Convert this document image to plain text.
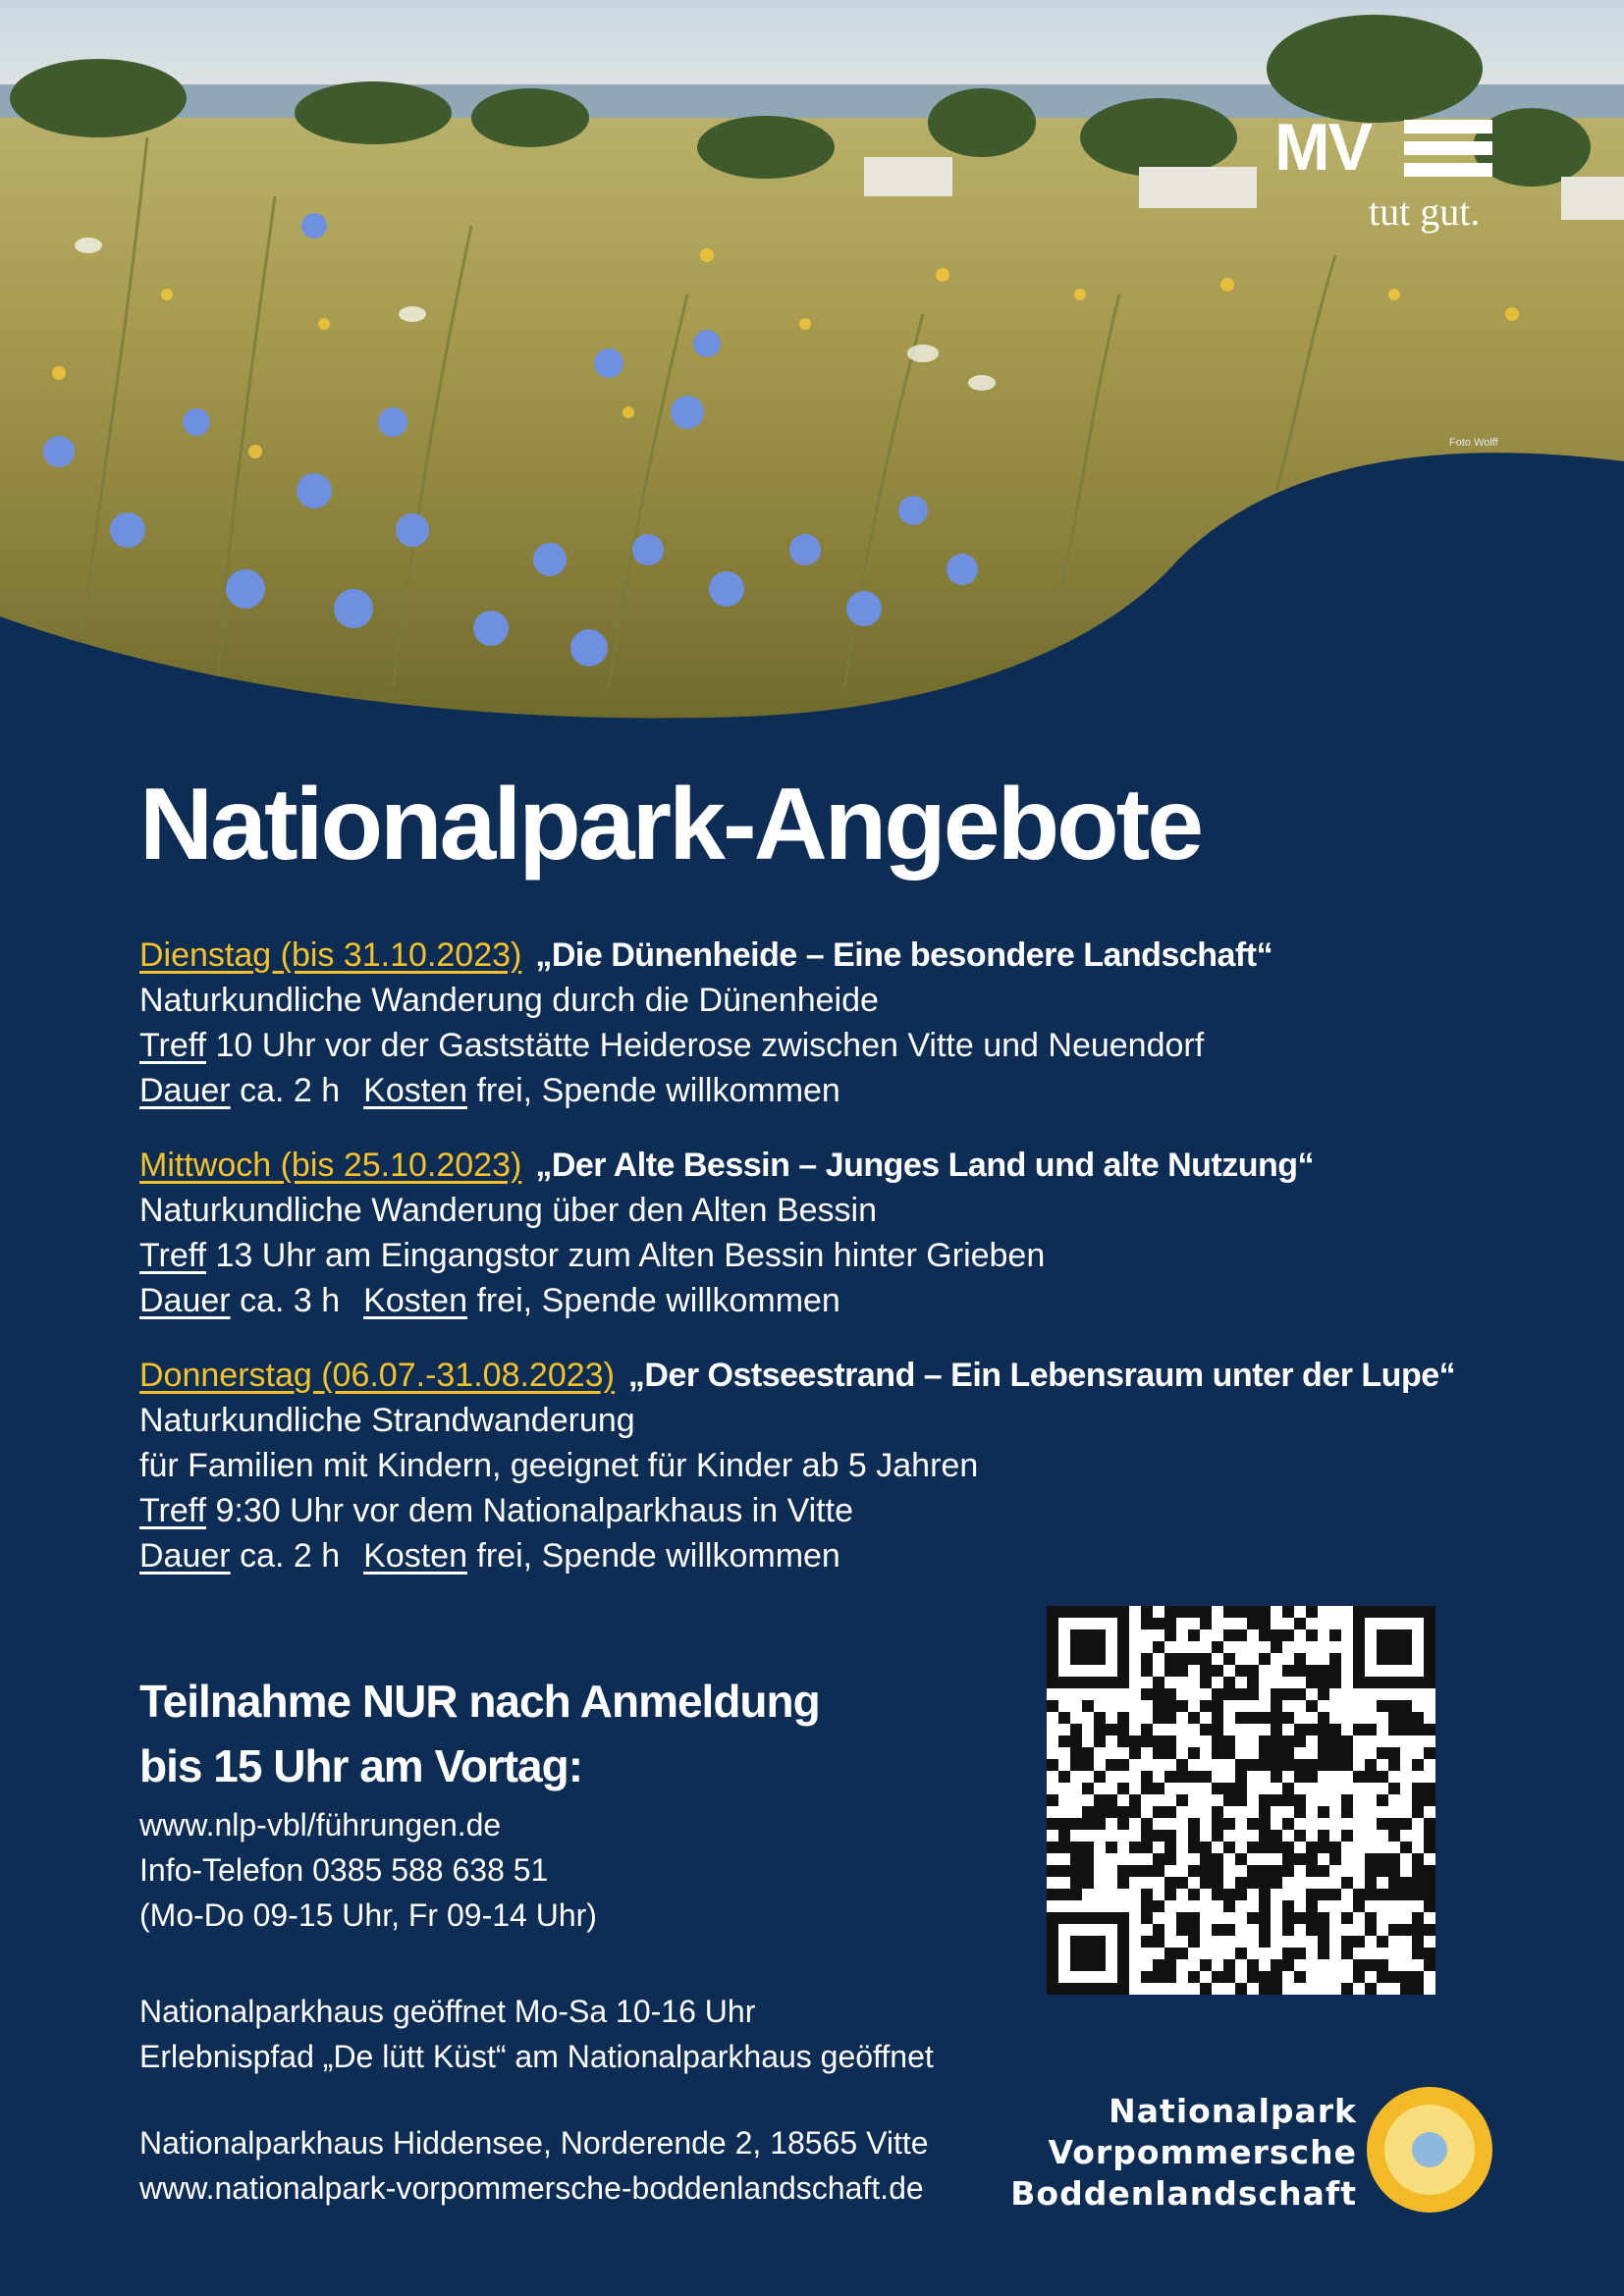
MV
tut gut.
Foto Wolff
Nationalpark-Angebote
Dienstag (bis 31.10.2023) „Die Dünenheide – Eine besondere Landschaft“
Naturkundliche Wanderung durch die Dünenheide
Treff 10 Uhr vor der Gaststätte Heiderose zwischen Vitte und Neuendorf
Dauer ca. 2 h Kosten frei, Spende willkommen
Mittwoch (bis 25.10.2023) „Der Alte Bessin – Junges Land und alte Nutzung“
Naturkundliche Wanderung über den Alten Bessin
Treff 13 Uhr am Eingangstor zum Alten Bessin hinter Grieben
Dauer ca. 3 h Kosten frei, Spende willkommen
Donnerstag (06.07.-31.08.2023) „Der Ostseestrand – Ein Lebensraum unter der Lupe“
Naturkundliche Strandwanderung
für Familien mit Kindern, geeignet für Kinder ab 5 Jahren
Treff 9:30 Uhr vor dem Nationalparkhaus in Vitte
Dauer ca. 2 h Kosten frei, Spende willkommen
Teilnahme NUR nach Anmeldung
bis 15 Uhr am Vortag:
www.nlp-vbl/führungen.de
Info-Telefon 0385 588 638 51
(Mo-Do 09-15 Uhr, Fr 09-14 Uhr)
Nationalparkhaus geöffnet Mo-Sa 10-16 Uhr
Erlebnispfad „De lütt Küst“ am Nationalparkhaus geöffnet
Nationalparkhaus Hiddensee, Norderende 2, 18565 Vitte
www.nationalpark-vorpommersche-boddenlandschaft.de
Nationalpark
Vorpommersche
Boddenlandschaft
